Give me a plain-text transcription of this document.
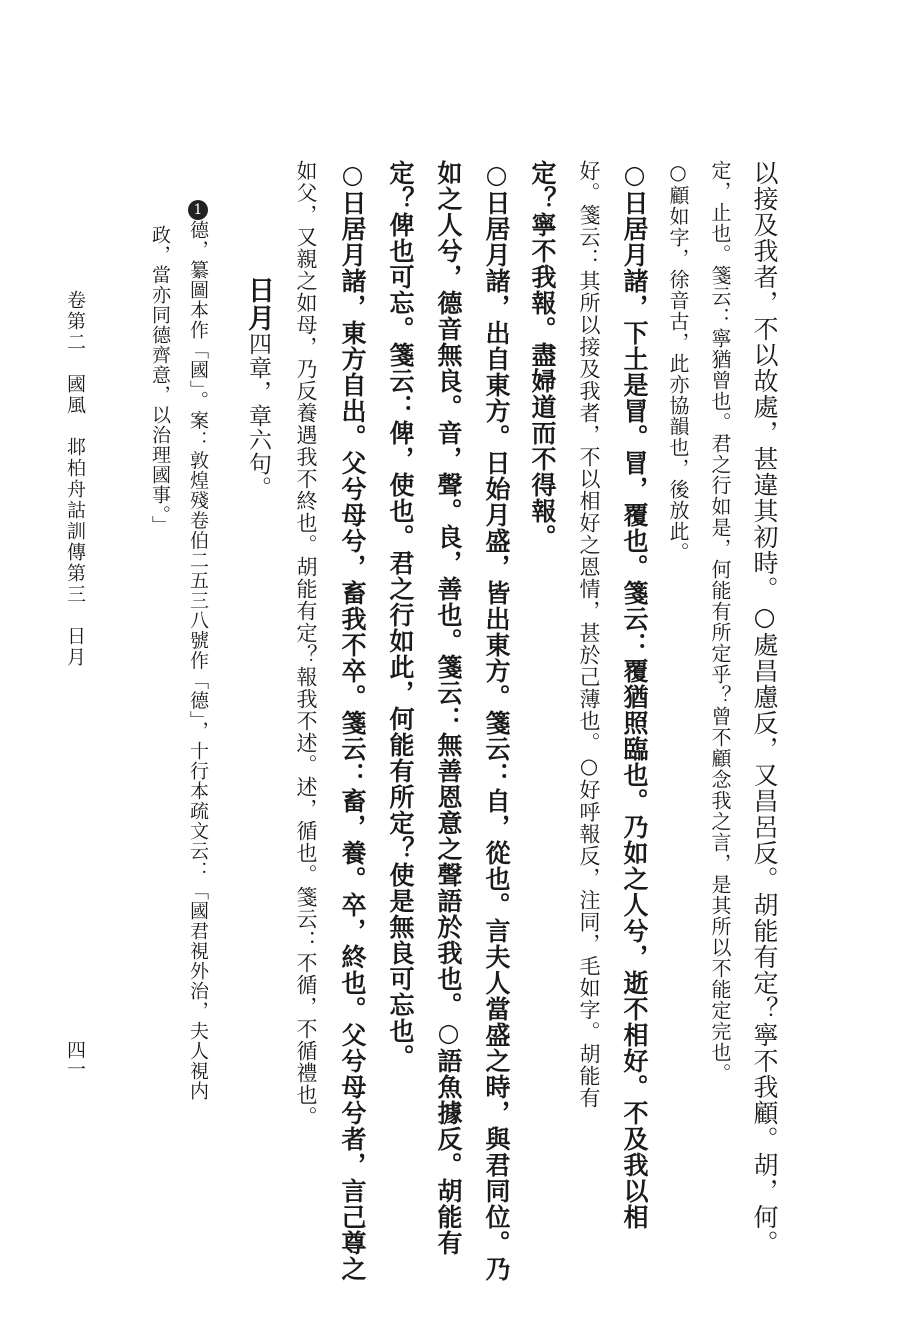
卷第二　國風　邶柏舟詁訓傳第三　日月
四一	以接及我者，不以故處，甚違其初時。○處昌慮反，又昌呂反。胡能有定？寧不我顧。胡，何。
定，止也。箋云：寧猶曾也。君之行如是，何能有所定乎？曾不顧念我之言，是其所以不能定完也。
○顧如字，徐音古，此亦協韻也，後放此。
○日居月諸，下土是冒。冒，覆也。箋云：覆猶照臨也。乃如之人兮，逝不相好。不及我以相
好。箋云：其所以接及我者，不以相好之恩情，甚於己薄也。○好呼報反，注同，毛如字。胡能有
定？寧不我報。盡婦道而不得報。
○日居月諸，出自東方。日始月盛，皆出東方。箋云：自，從也。言夫人當盛之時，與君同位。乃
如之人兮，德音無良。音，聲。良，善也。箋云：無善恩意之聲語於我也。○語魚據反。胡能有
定？俾也可忘。箋云：俾，使也。君之行如此，何能有所定？使是無良可忘也。
○日居月諸，東方自出。父兮母兮，畜我不卒。箋云：畜，養。卒，終也。父兮母兮者，言己尊之
如父，又親之如母，乃反養遇我不終也。胡能有定？報我不述。述，循也。箋云：不循，不循禮也。
日月四章，章六句。
1德，纂圖本作「國」。案：敦煌殘卷伯二五三八號作「德」，十行本疏文云：「國君視外治，夫人視内
政，當亦同德齊意，以治理國事。」
